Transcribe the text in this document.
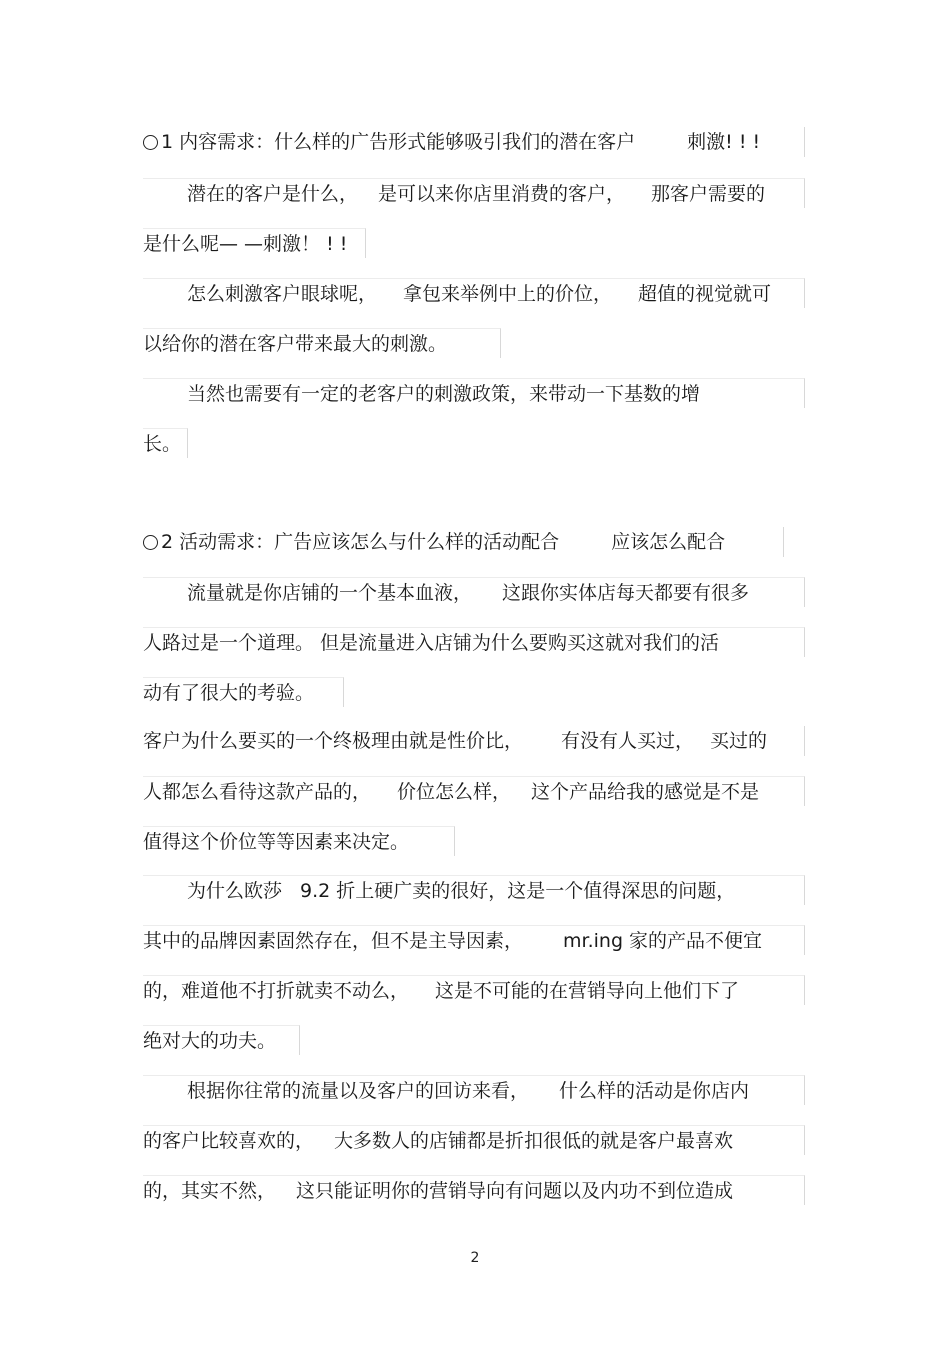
1 内容需求：什么样的广告形式能够吸引我们的潜在客户	刺激! ! !
潜在的客户是什么， 是可以来你店里消费的客户， 那客户需要的
是什么呢— —刺激！ ! !
怎么刺激客户眼球呢， 拿包来举例中上的价位， 超值的视觉就可
以给你的潜在客户带来最大的刺激。
当然也需要有一定的老客户的刺激政策，来带动一下基数的增
长。
2 活动需求：广告应该怎么与什么样的活动配合	应该怎么配合
流量就是你店铺的一个基本血液， 这跟你实体店每天都要有很多
人路过是一个道理。 但是流量进入店铺为什么要购买这就对我们的活
动有了很大的考验。
客户为什么要买的一个终极理由就是性价比， 有没有人买过， 买过的
人都怎么看待这款产品的， 价位怎么样， 这个产品给我的感觉是不是
值得这个价位等等因素来决定。
为什么欧莎 9.2 折上硬广卖的很好，这是一个值得深思的问题，
其中的品牌因素固然存在，但不是主导因素， mr.ing 家的产品不便宜
的，难道他不打折就卖不动么， 这是不可能的在营销导向上他们下了
绝对大的功夫。
根据你往常的流量以及客户的回访来看， 什么样的活动是你店内
的客户比较喜欢的， 大多数人的店铺都是折扣很低的就是客户最喜欢
的，其实不然， 这只能证明你的营销导向有问题以及内功不到位造成
2
